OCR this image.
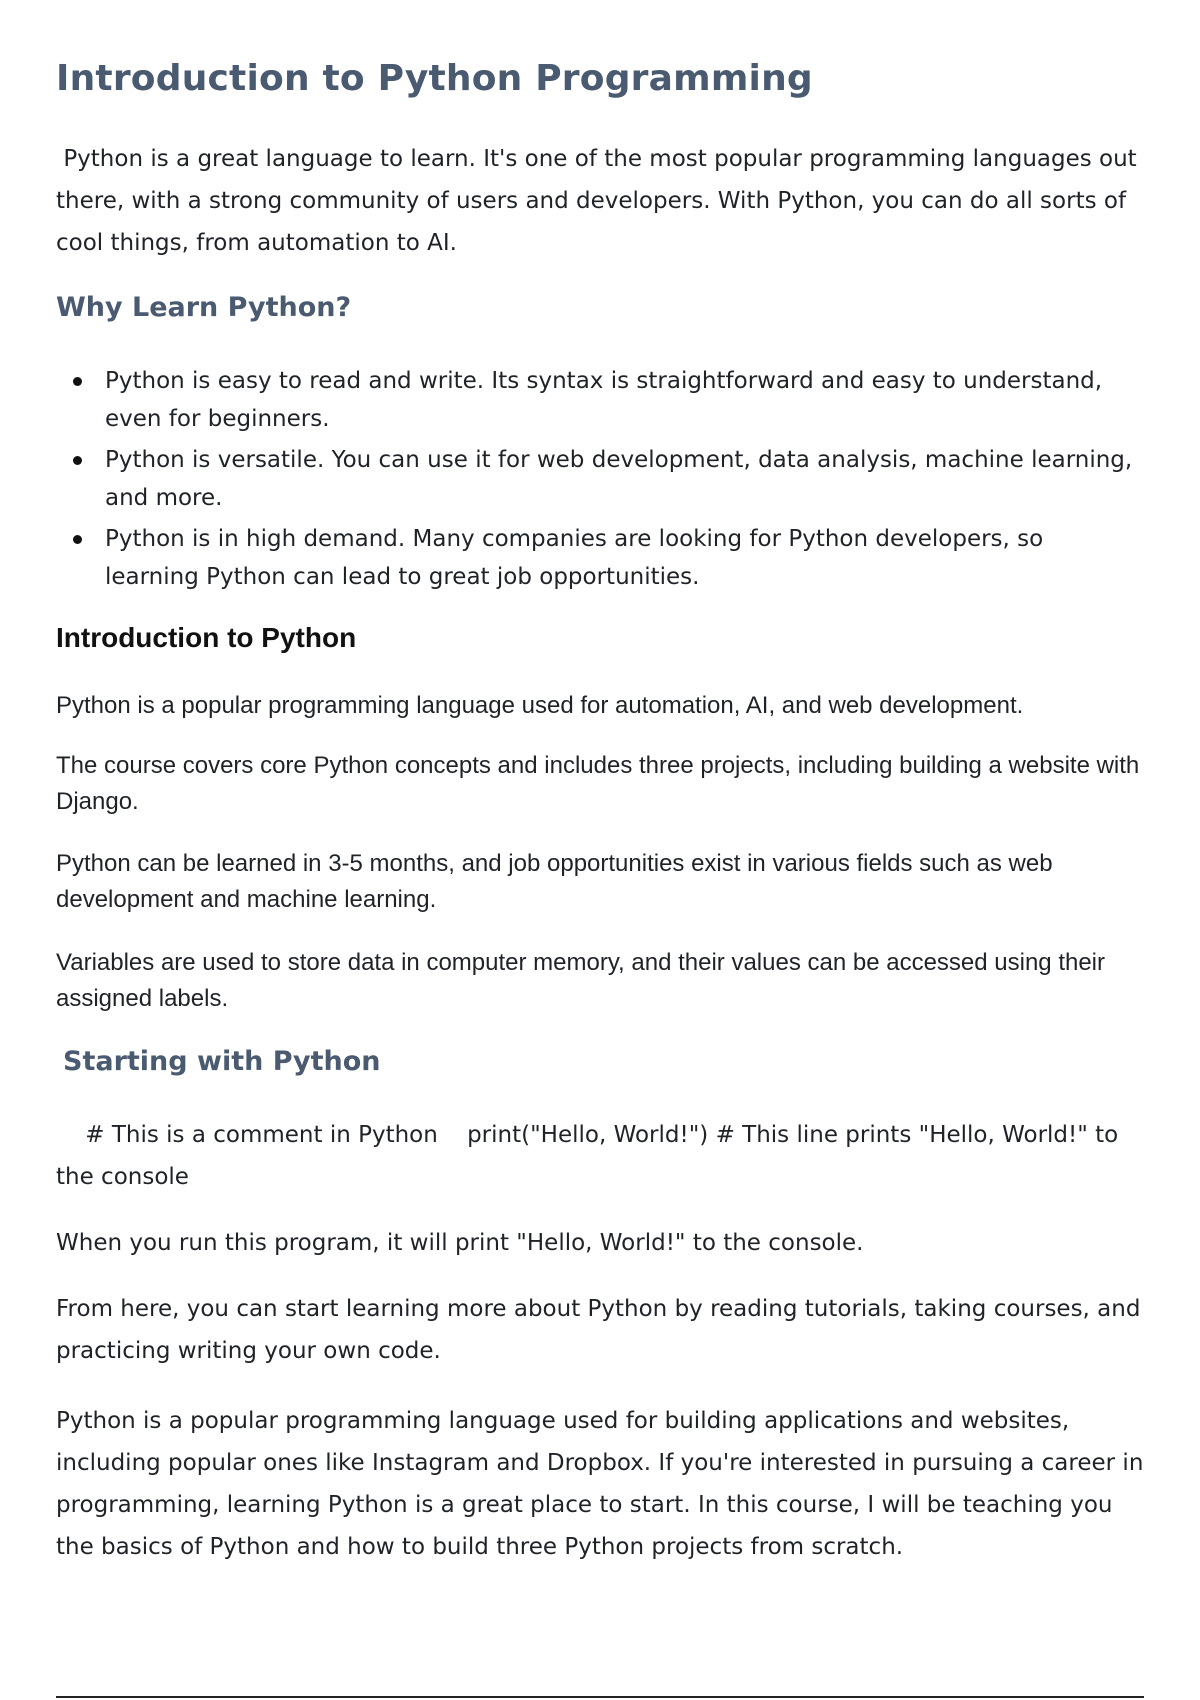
Introduction to Python Programming

Python is a great language to learn. It's one of the most popular programming languages out there, with a strong community of users and developers. With Python, you can do all sorts of cool things, from automation to AI.

Why Learn Python?
Python is easy to read and write. Its syntax is straightforward and easy to understand, even for beginners.
Python is versatile. You can use it for web development, data analysis, machine learning, and more.
Python is in high demand. Many companies are looking for Python developers, so learning Python can lead to great job opportunities.
Introduction to Python

Python is a popular programming language used for automation, AI, and web development.

The course covers core Python concepts and includes three projects, including building a website with Django.

Python can be learned in 3-5 months, and job opportunities exist in various fields such as web development and machine learning.

Variables are used to store data in computer memory, and their values can be accessed using their assigned labels.

Starting with Python

# This is a comment in Python    print("Hello, World!") # This line prints "Hello, World!" to the console

When you run this program, it will print "Hello, World!" to the console.

From here, you can start learning more about Python by reading tutorials, taking courses, and practicing writing your own code.

Python is a popular programming language used for building applications and websites, including popular ones like Instagram and Dropbox. If you're interested in pursuing a career in programming, learning Python is a great place to start. In this course, I will be teaching you the basics of Python and how to build three Python projects from scratch.
